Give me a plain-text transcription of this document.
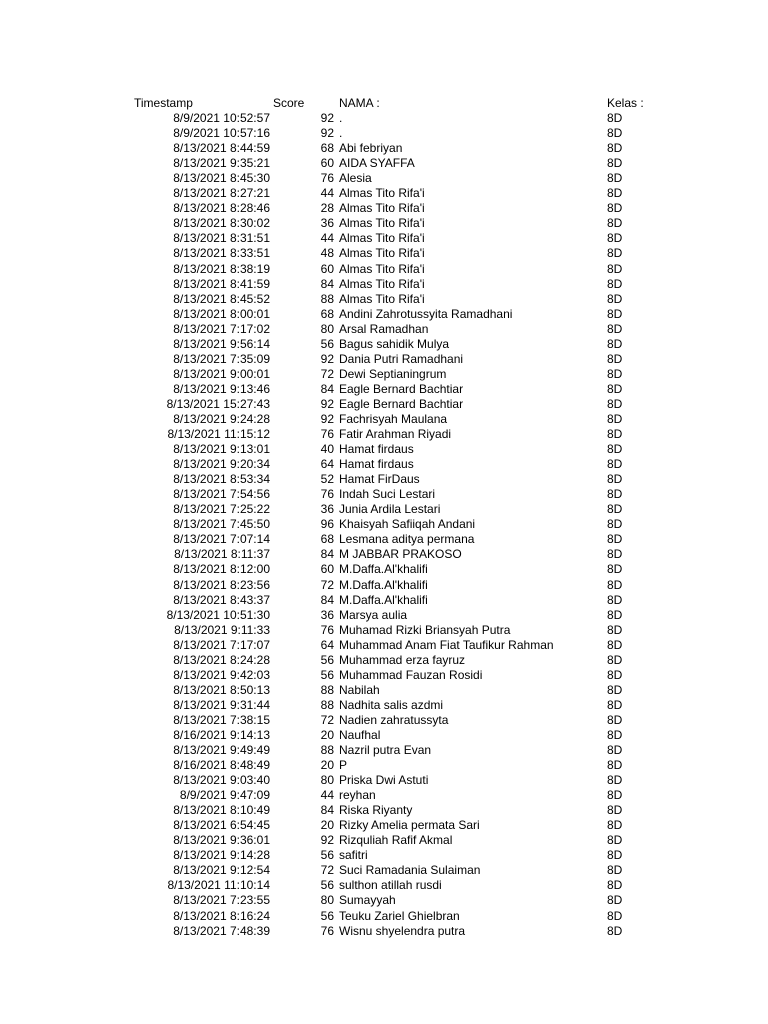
Timestamp	Score	NAMA :	Kelas :
8/9/2021 10:52:57	92 .	8D
8/9/2021 10:57:16	92 .	8D
8/13/2021 8:44:59	68 Abi febriyan	8D
8/13/2021 9:35:21	60 AIDA SYAFFA	8D
8/13/2021 8:45:30	76 Alesia	8D
8/13/2021 8:27:21	44 Almas Tito Rifa'i	8D
8/13/2021 8:28:46	28 Almas Tito Rifa'i	8D
8/13/2021 8:30:02	36 Almas Tito Rifa'i	8D
8/13/2021 8:31:51	44 Almas Tito Rifa'i	8D
8/13/2021 8:33:51	48 Almas Tito Rifa'i	8D
8/13/2021 8:38:19	60 Almas Tito Rifa'i	8D
8/13/2021 8:41:59	84 Almas Tito Rifa'i	8D
8/13/2021 8:45:52	88 Almas Tito Rifa'i	8D
8/13/2021 8:00:01	68 Andini Zahrotussyita Ramadhani	8D
8/13/2021 7:17:02	80 Arsal Ramadhan	8D
8/13/2021 9:56:14	56 Bagus sahidik Mulya	8D
8/13/2021 7:35:09	92 Dania Putri Ramadhani	8D
8/13/2021 9:00:01	72 Dewi Septianingrum	8D
8/13/2021 9:13:46	84 Eagle Bernard Bachtiar	8D
8/13/2021 15:27:43	92 Eagle Bernard Bachtiar	8D
8/13/2021 9:24:28	92 Fachrisyah Maulana	8D
8/13/2021 11:15:12	76 Fatir Arahman Riyadi	8D
8/13/2021 9:13:01	40 Hamat firdaus	8D
8/13/2021 9:20:34	64 Hamat firdaus	8D
8/13/2021 8:53:34	52 Hamat FirDaus	8D
8/13/2021 7:54:56	76 Indah Suci Lestari	8D
8/13/2021 7:25:22	36 Junia Ardila Lestari	8D
8/13/2021 7:45:50	96 Khaisyah Safiiqah Andani	8D
8/13/2021 7:07:14	68 Lesmana aditya permana	8D
8/13/2021 8:11:37	84 M JABBAR PRAKOSO	8D
8/13/2021 8:12:00	60 M.Daffa.Al'khalifi	8D
8/13/2021 8:23:56	72 M.Daffa.Al'khalifi	8D
8/13/2021 8:43:37	84 M.Daffa.Al'khalifi	8D
8/13/2021 10:51:30	36 Marsya aulia	8D
8/13/2021 9:11:33	76 Muhamad Rizki Briansyah Putra	8D
8/13/2021 7:17:07	64 Muhammad Anam Fiat Taufikur Rahman	8D
8/13/2021 8:24:28	56 Muhammad erza fayruz	8D
8/13/2021 9:42:03	56 Muhammad Fauzan Rosidi	8D
8/13/2021 8:50:13	88 Nabilah	8D
8/13/2021 9:31:44	88 Nadhita salis azdmi	8D
8/13/2021 7:38:15	72 Nadien zahratussyta	8D
8/16/2021 9:14:13	20 Naufhal	8D
8/13/2021 9:49:49	88 Nazril putra Evan	8D
8/16/2021 8:48:49	20 P	8D
8/13/2021 9:03:40	80 Priska Dwi Astuti	8D
8/9/2021 9:47:09	44 reyhan	8D
8/13/2021 8:10:49	84 Riska Riyanty	8D
8/13/2021 6:54:45	20 Rizky Amelia permata Sari	8D
8/13/2021 9:36:01	92 Rizquliah Rafif Akmal	8D
8/13/2021 9:14:28	56 safitri	8D
8/13/2021 9:12:54	72 Suci Ramadania Sulaiman	8D
8/13/2021 11:10:14	56 sulthon atillah rusdi	8D
8/13/2021 7:23:55	80 Sumayyah	8D
8/13/2021 8:16:24	56 Teuku Zariel Ghielbran	8D
8/13/2021 7:48:39	76 Wisnu shyelendra putra	8D
